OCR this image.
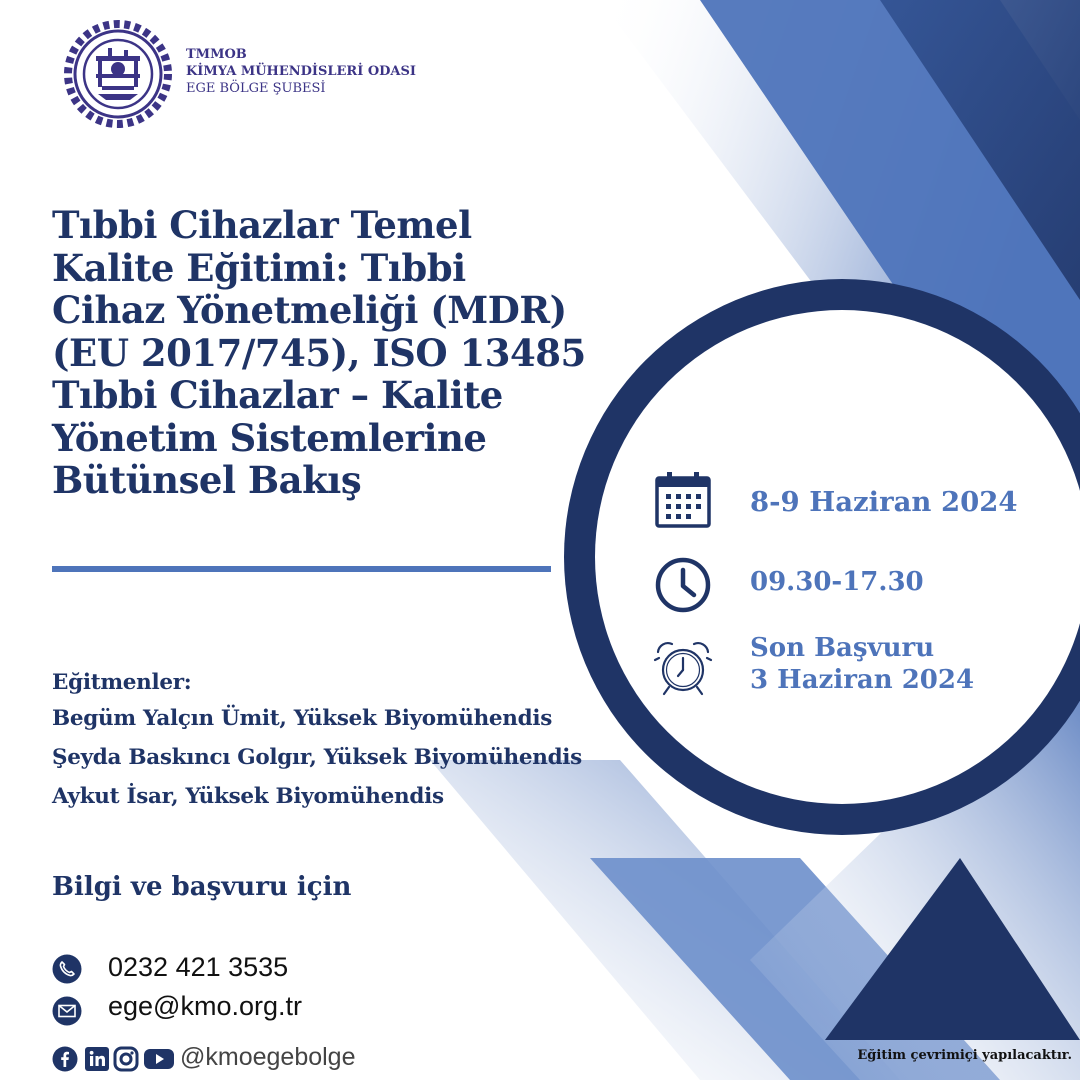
TMMOB
KİMYA MÜHENDİSLERİ ODASI
EGE BÖLGE ŞUBESİ
Tıbbi Cihazlar Temel
Kalite Eğitimi: Tıbbi
Cihaz Yönetmeliği (MDR)
(EU 2017/745), ISO 13485
Tıbbi Cihazlar – Kalite
Yönetim Sistemlerine
Bütünsel Bakış	8-9 Haziran 2024
09.30-17.30
Son Başvuru
3 Haziran 2024
Eğitmenler:
Begüm Yalçın Ümit, Yüksek Biyomühendis
Şeyda Baskıncı Golgır, Yüksek Biyomühendis
Aykut İsar, Yüksek Biyomühendis
Bilgi ve başvuru için
0232 421 3535
ege@kmo.org.tr
@kmoegebolge	Eğitim çevrimiçi yapılacaktır.
